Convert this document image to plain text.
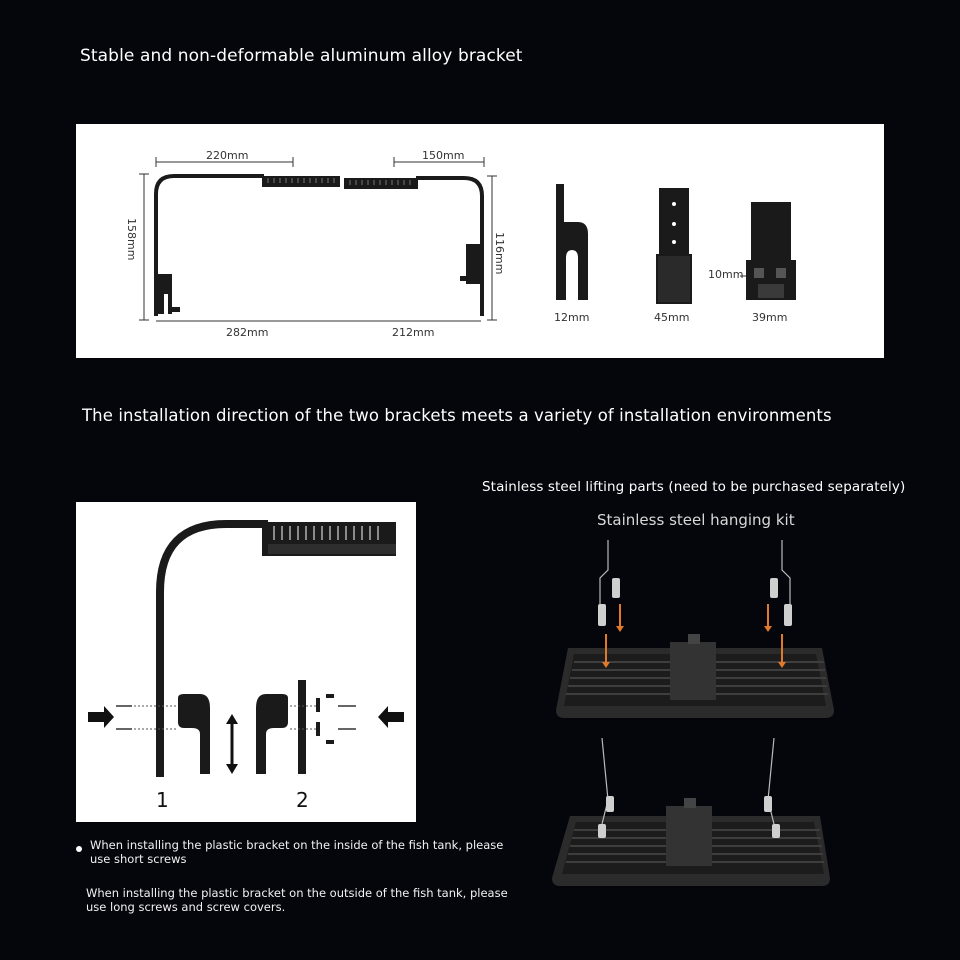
Stable and non-deformable aluminum alloy bracket
220mm	150mm
158mm	116mm
282mm	212mm
12mm	45mm
10mm
39mm
The installation direction of the two brackets meets a variety of installation environments
1	2
When installing the plastic bracket on the inside of the fish tank, please use short screws
When installing the plastic bracket on the outside of the fish tank, please use long screws and screw covers.
Stainless steel lifting parts (need to be purchased separately)
Stainless steel hanging kit
